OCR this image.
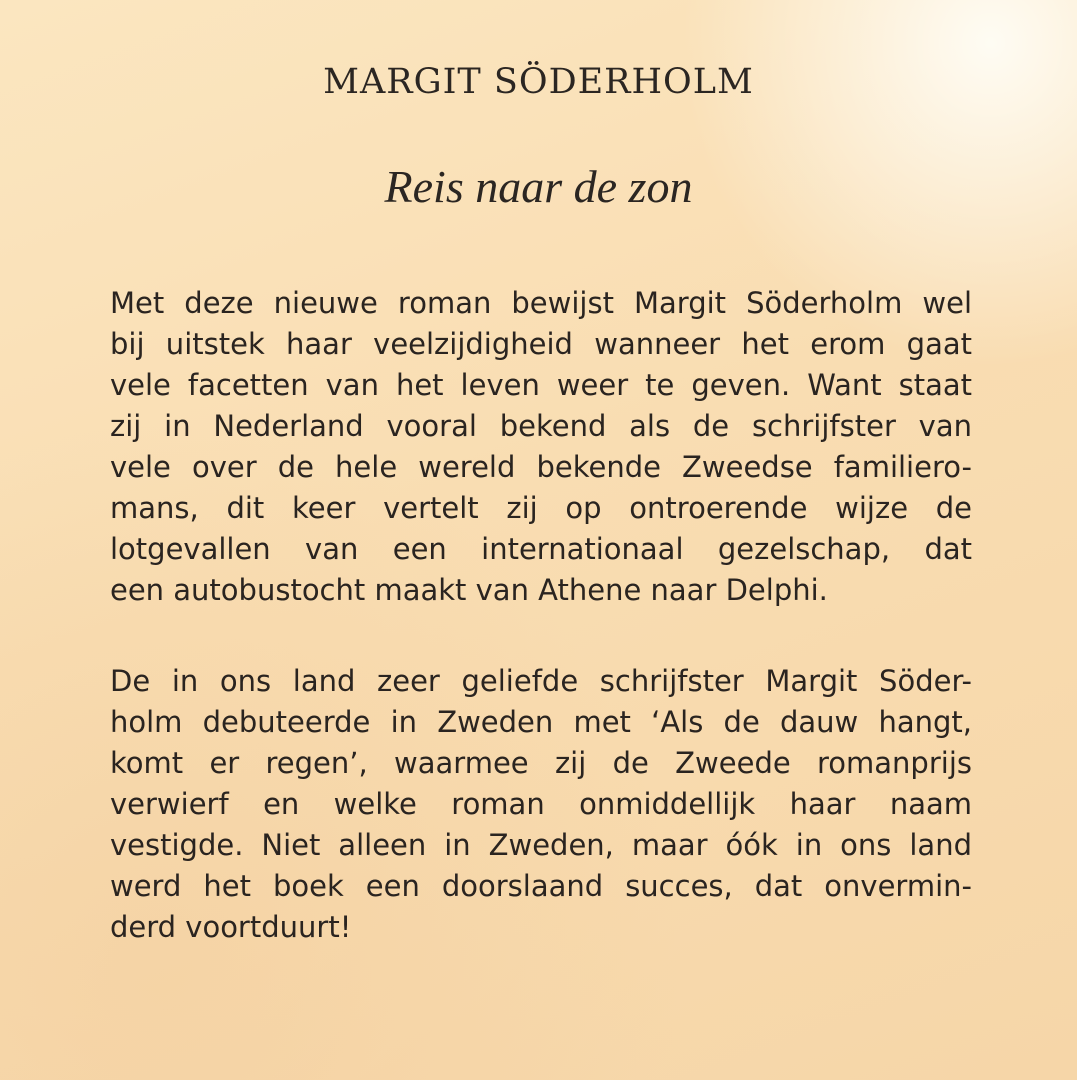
MARGIT SÖDERHOLM
Reis naar de zon

Met deze nieuwe roman bewijst Margit Söderholm wel
bij uitstek haar veelzijdigheid wanneer het erom gaat
vele facetten van het leven weer te geven. Want staat
zij in Nederland vooral bekend als de schrijfster van
vele over de hele wereld bekende Zweedse familiero-
mans, dit keer vertelt zij op ontroerende wijze de
lotgevallen van een internationaal gezelschap, dat
een autobustocht maakt van Athene naar Delphi.

De in ons land zeer geliefde schrijfster Margit Söder-
holm debuteerde in Zweden met ‘Als de dauw hangt,
komt er regen’, waarmee zij de Zweede romanprijs
verwierf en welke roman onmiddellijk haar naam
vestigde. Niet alleen in Zweden, maar óók in ons land
werd het boek een doorslaand succes, dat onvermin-
derd voortduurt!
